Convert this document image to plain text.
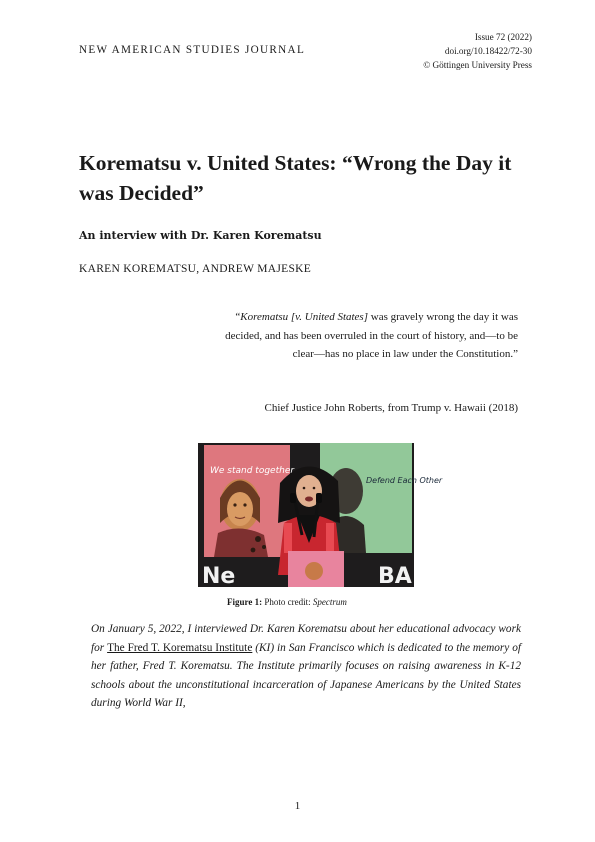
NEW AMERICAN STUDIES JOURNAL
Issue 72 (2022)
doi.org/10.18422/72-30
© Göttingen University Press
Korematsu v. United States: “Wrong the Day it was Decided”
An interview with Dr. Karen Korematsu
KAREN KOREMATSU, ANDREW MAJESKE
“Korematsu [v. United States] was gravely wrong the day it was decided, and has been overruled in the court of history, and—to be clear—has no place in law under the Constitution.”
Chief Justice John Roberts, from Trump v. Hawaii (2018)
We stand together
Defend Each Other
Ne	BA
Figure 1: Photo credit: Spectrum
On January 5, 2022, I interviewed Dr. Karen Korematsu about her educational advocacy work for The Fred T. Korematsu Institute (KI) in San Francisco which is dedicated to the memory of her father, Fred T. Korematsu. The Institute primarily focuses on raising awareness in K-12 schools about the unconstitutional incarceration of Japanese Americans by the United States during World War II,
1
